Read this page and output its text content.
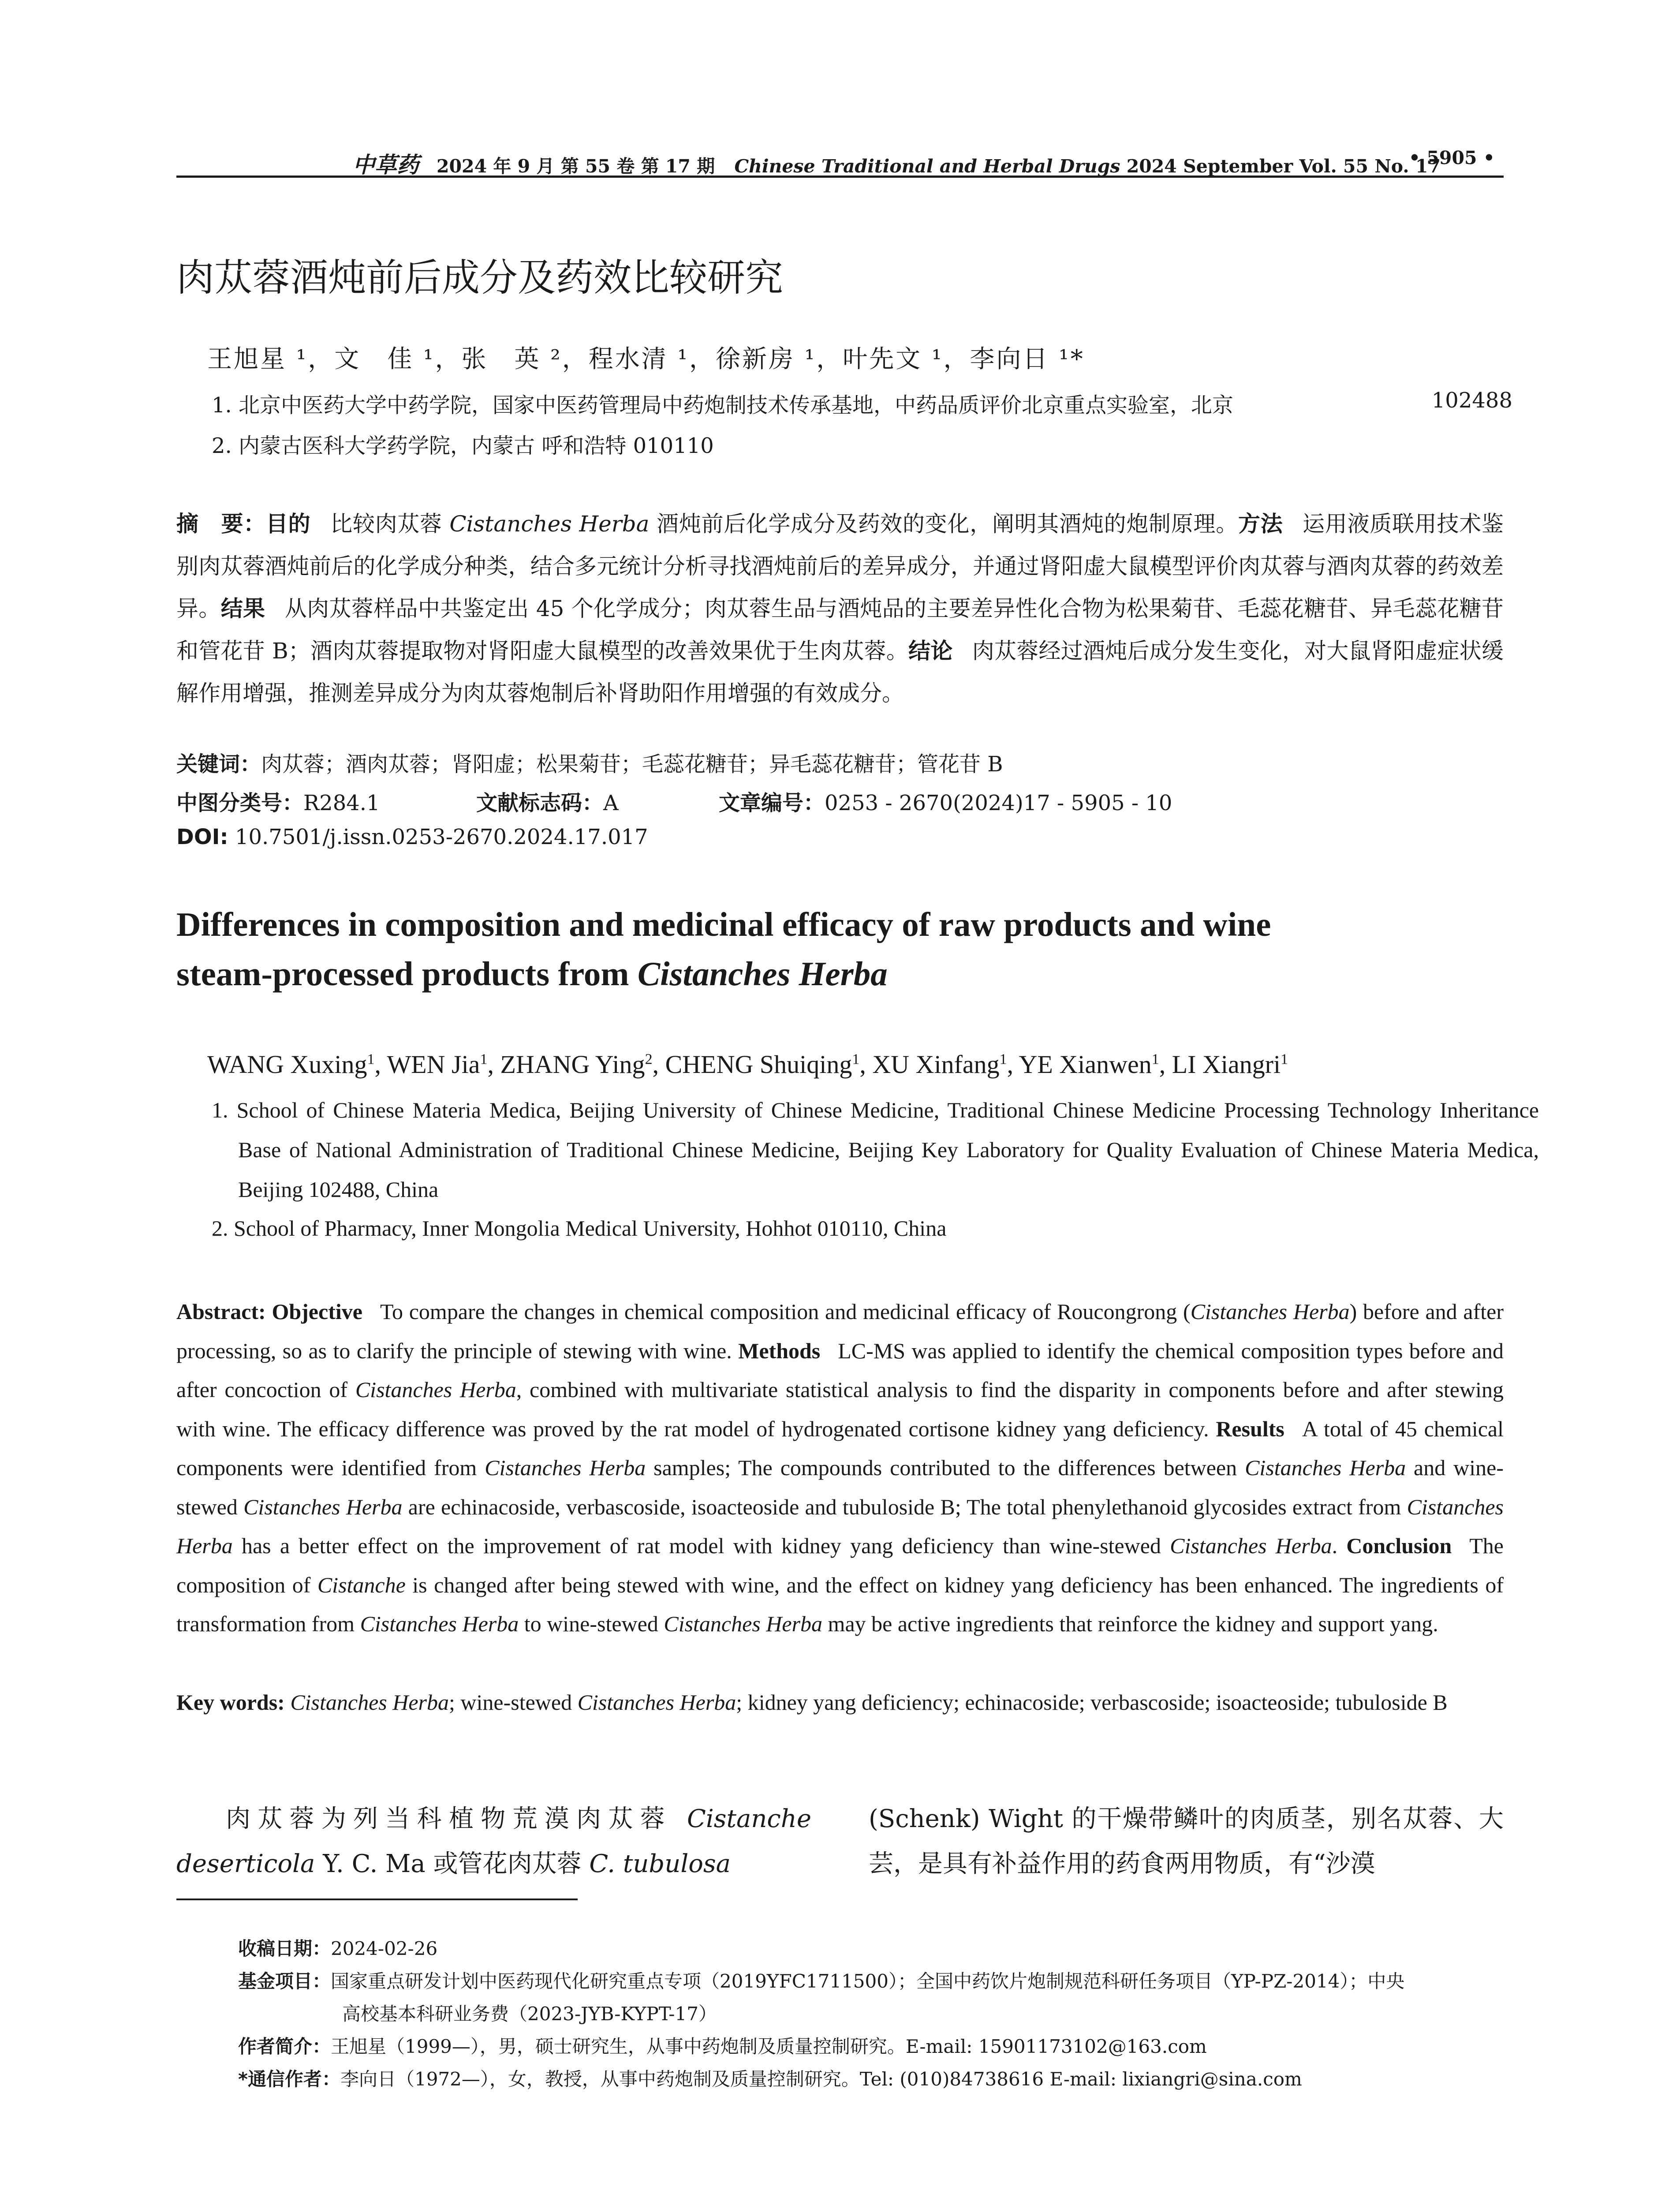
中草药 2024 年 9 月 第 55 卷 第 17 期 Chinese Traditional and Herbal Drugs 2024 September Vol. 55 No. 17
• 5905 •
肉苁蓉酒炖前后成分及药效比较研究
王旭星 ¹，文　佳 ¹，张　英 ²，程水清 ¹，徐新房 ¹，叶先文 ¹，李向日 ¹*
1. 北京中医药大学中药学院，国家中医药管理局中药炮制技术传承基地，中药品质评价北京重点实验室，北京	102488
2. 内蒙古医科大学药学院，内蒙古 呼和浩特 010110
摘　要：目的 比较肉苁蓉 Cistanches Herba 酒炖前后化学成分及药效的变化，阐明其酒炖的炮制原理。方法 运用液质联用技术鉴别肉苁蓉酒炖前后的化学成分种类，结合多元统计分析寻找酒炖前后的差异成分，并通过肾阳虚大鼠模型评价肉苁蓉与酒肉苁蓉的药效差异。结果 从肉苁蓉样品中共鉴定出 45 个化学成分；肉苁蓉生品与酒炖品的主要差异性化合物为松果菊苷、毛蕊花糖苷、异毛蕊花糖苷和管花苷 B；酒肉苁蓉提取物对肾阳虚大鼠模型的改善效果优于生肉苁蓉。结论 肉苁蓉经过酒炖后成分发生变化，对大鼠肾阳虚症状缓解作用增强，推测差异成分为肉苁蓉炮制后补肾助阳作用增强的有效成分。
关键词：肉苁蓉；酒肉苁蓉；肾阳虚；松果菊苷；毛蕊花糖苷；异毛蕊花糖苷；管花苷 B
中图分类号：R284.1	文献标志码：A	文章编号：0253 - 2670(2024)17 - 5905 - 10
DOI: 10.7501/j.issn.0253-2670.2024.17.017
Differences in composition and medicinal efficacy of raw products and wine
steam-processed products from Cistanches Herba
WANG Xuxing$^1$, WEN Jia$^1$, ZHANG Ying$^2$, CHENG Shuiqing$^1$, XU Xinfang$^1$, YE Xianwen$^1$, LI Xiangri$^1$
1. School of Chinese Materia Medica, Beijing University of Chinese Medicine, Traditional Chinese Medicine Processing Technology Inheritance Base of National Administration of Traditional Chinese Medicine, Beijing Key Laboratory for Quality Evaluation of Chinese Materia Medica, Beijing 102488, China
2. School of Pharmacy, Inner Mongolia Medical University, Hohhot 010110, China
Abstract: Objective To compare the changes in chemical composition and medicinal efficacy of Roucongrong (Cistanches Herba) before and after processing, so as to clarify the principle of stewing with wine. Methods LC-MS was applied to identify the chemical composition types before and after concoction of Cistanches Herba, combined with multivariate statistical analysis to find the disparity in components before and after stewing with wine. The efficacy difference was proved by the rat model of hydrogenated cortisone kidney yang deficiency. Results A total of 45 chemical components were identified from Cistanches Herba samples; The compounds contributed to the differences between Cistanches Herba and wine-stewed Cistanches Herba are echinacoside, verbascoside, isoacteoside and tubuloside B; The total phenylethanoid glycosides extract from Cistanches Herba has a better effect on the improvement of rat model with kidney yang deficiency than wine-stewed Cistanches Herba. Conclusion The composition of Cistanche is changed after being stewed with wine, and the effect on kidney yang deficiency has been enhanced. The ingredients of transformation from Cistanches Herba to wine-stewed Cistanches Herba may be active ingredients that reinforce the kidney and support yang.
Key words: Cistanches Herba; wine-stewed Cistanches Herba; kidney yang deficiency; echinacoside; verbascoside; isoacteoside; tubuloside B
肉苁蓉为列当科植物荒漠肉苁蓉 Cistanche deserticola Y. C. Ma 或管花肉苁蓉 C. tubulosa
(Schenk) Wight 的干燥带鳞叶的肉质茎，别名苁蓉、大芸，是具有补益作用的药食两用物质，有“沙漠
收稿日期：2024-02-26
基金项目：国家重点研发计划中医药现代化研究重点专项（2019YFC1711500）；全国中药饮片炮制规范科研任务项目（YP-PZ-2014）；中央
高校基本科研业务费（2023-JYB-KYPT-17）
作者简介：王旭星（1999—），男，硕士研究生，从事中药炮制及质量控制研究。E-mail: 15901173102@163.com
*通信作者：李向日（1972—），女，教授，从事中药炮制及质量控制研究。Tel: (010)84738616 E-mail: lixiangri@sina.com
